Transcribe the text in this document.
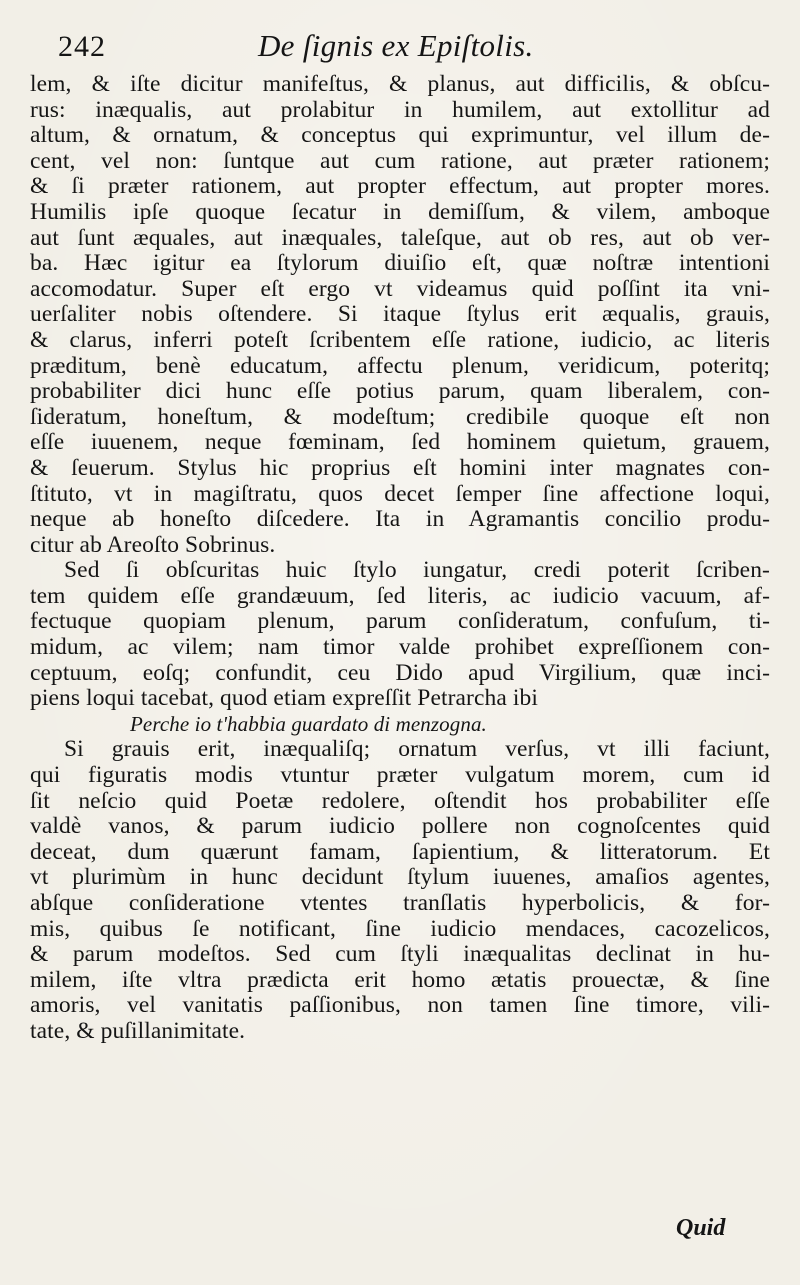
242	De ſignis ex Epiſtolis.
lem, & iſte dicitur manifeſtus, & planus, aut difficilis, & obſcu-
rus: inæqualis, aut prolabitur in humilem, aut extollitur ad
altum, & ornatum, & conceptus qui exprimuntur, vel illum de-
cent, vel non: ſuntque aut cum ratione, aut præter rationem;
& ſi præter rationem, aut propter effectum, aut propter mores.
Humilis ipſe quoque ſecatur in demiſſum, & vilem, amboque
aut ſunt æquales, aut inæquales, taleſque, aut ob res, aut ob ver-
ba. Hæc igitur ea ſtylorum diuiſio eſt, quæ noſtræ intentioni
accomodatur. Super eſt ergo vt videamus quid poſſint ita vni-
uerſaliter nobis oſtendere. Si itaque ſtylus erit æqualis, grauis,
& clarus, inferri poteſt ſcribentem eſſe ratione, iudicio, ac literis
præditum, benè educatum, affectu plenum, veridicum, poteritq;
probabiliter dici hunc eſſe potius parum, quam liberalem, con-
ſideratum, honeſtum, & modeſtum; credibile quoque eſt non
eſſe iuuenem, neque fœminam, ſed hominem quietum, grauem,
& ſeuerum. Stylus hic proprius eſt homini inter magnates con-
ſtituto, vt in magiſtratu, quos decet ſemper ſine affectione loqui,
neque ab honeſto diſcedere. Ita in Agramantis concilio produ-
citur ab Areoſto Sobrinus.
Sed ſi obſcuritas huic ſtylo iungatur, credi poterit ſcriben-
tem quidem eſſe grandæuum, ſed literis, ac iudicio vacuum, af-
fectuque quopiam plenum, parum conſideratum, confuſum, ti-
midum, ac vilem; nam timor valde prohibet expreſſionem con-
ceptuum, eoſq; confundit, ceu Dido apud Virgilium, quæ inci-
piens loqui tacebat, quod etiam expreſſit Petrarcha ibi
Perche io t'habbia guardato di menzogna.
Si grauis erit, inæqualiſq; ornatum verſus, vt illi faciunt,
qui figuratis modis vtuntur præter vulgatum morem, cum id
ſit neſcio quid Poetæ redolere, oſtendit hos probabiliter eſſe
valdè vanos, & parum iudicio pollere non cognoſcentes quid
deceat, dum quærunt famam, ſapientium, & litteratorum. Et
vt plurimùm in hunc decidunt ſtylum iuuenes, amaſios agentes,
abſque conſideratione vtentes tranſlatis hyperbolicis, & for-
mis, quibus ſe notificant, ſine iudicio mendaces, cacozelicos,
& parum modeſtos. Sed cum ſtyli inæqualitas declinat in hu-
milem, iſte vltra prædicta erit homo ætatis prouectæ, & ſine
amoris, vel vanitatis paſſionibus, non tamen ſine timore, vili-
tate, & puſillanimitate.
Quid
